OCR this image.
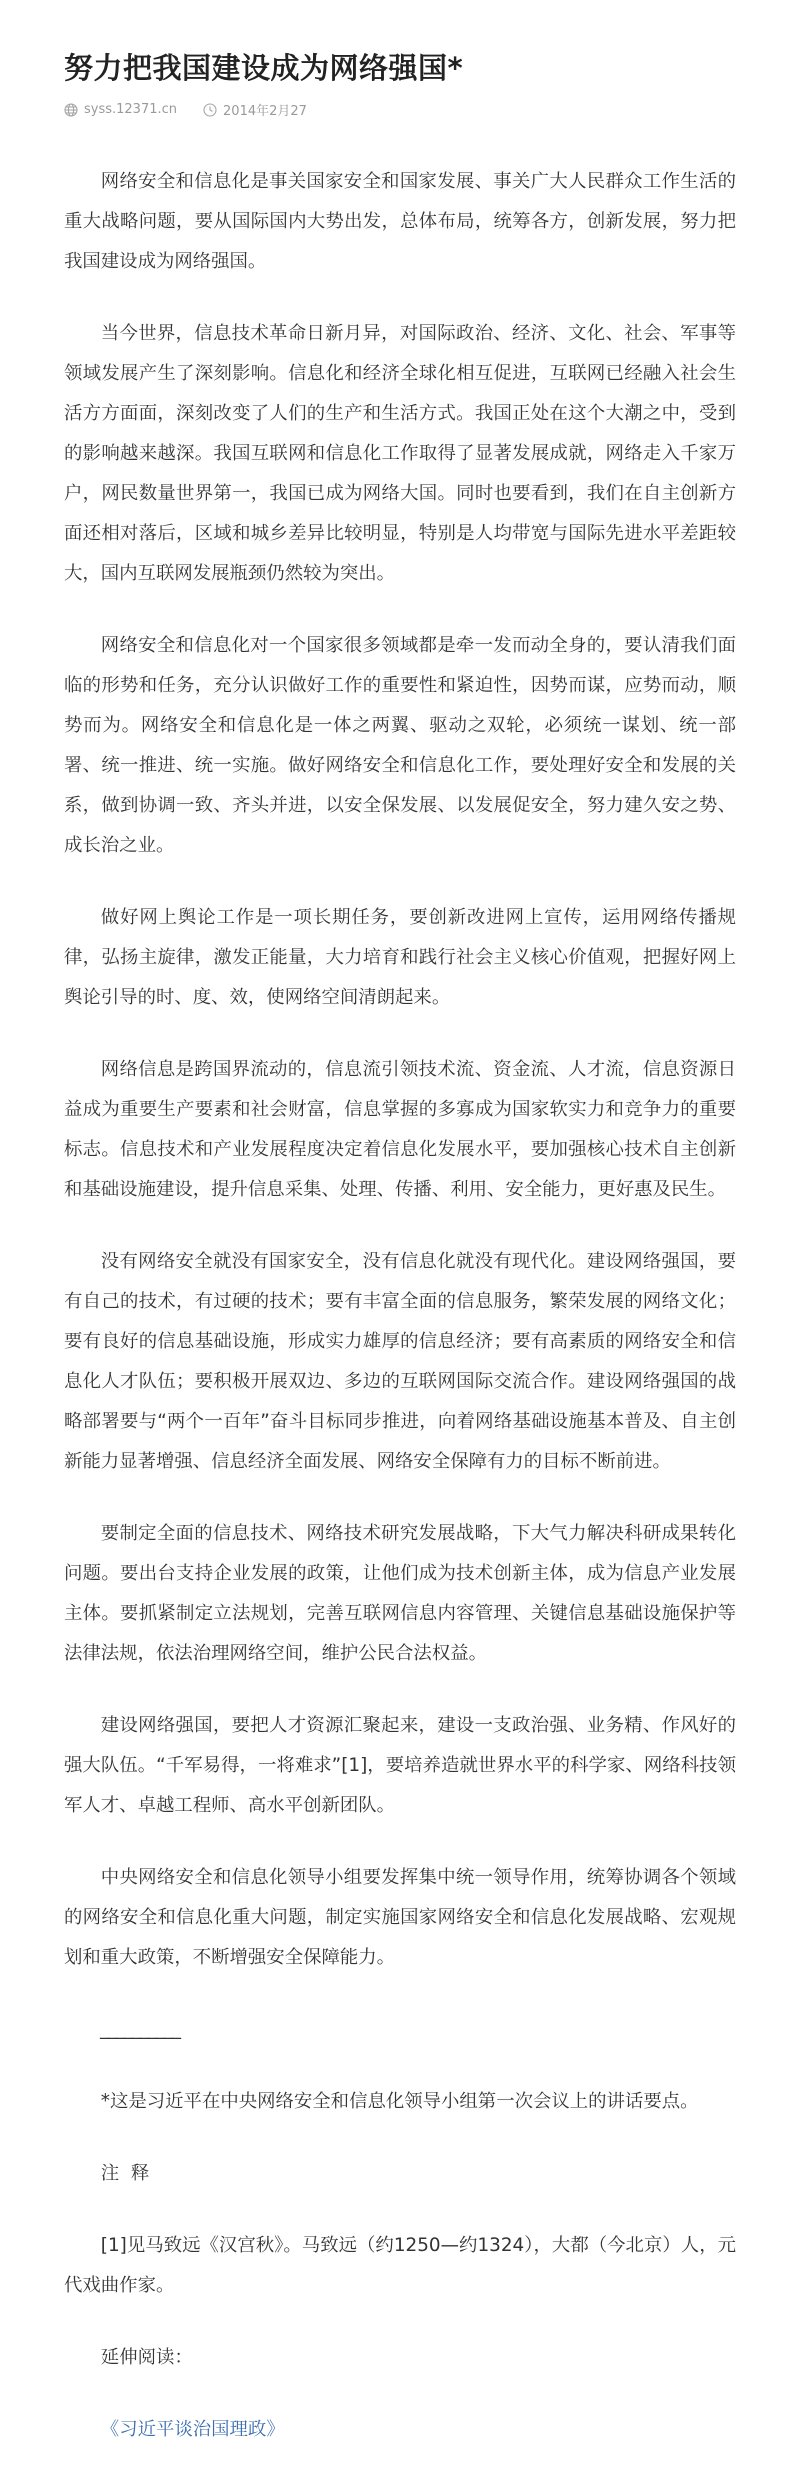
努力把我国建设成为网络强国*
syss.12371.cn	2014年2月27

网络安全和信息化是事关国家安全和国家发展、事关广大人民群众工作生活的重大战略问题，要从国际国内大势出发，总体布局，统筹各方，创新发展，努力把我国建设成为网络强国。

当今世界，信息技术革命日新月异，对国际政治、经济、文化、社会、军事等领域发展产生了深刻影响。信息化和经济全球化相互促进，互联网已经融入社会生活方方面面，深刻改变了人们的生产和生活方式。我国正处在这个大潮之中，受到的影响越来越深。我国互联网和信息化工作取得了显著发展成就，网络走入千家万户，网民数量世界第一，我国已成为网络大国。同时也要看到，我们在自主创新方面还相对落后，区域和城乡差异比较明显，特别是人均带宽与国际先进水平差距较大，国内互联网发展瓶颈仍然较为突出。

网络安全和信息化对一个国家很多领域都是牵一发而动全身的，要认清我们面临的形势和任务，充分认识做好工作的重要性和紧迫性，因势而谋，应势而动，顺势而为。网络安全和信息化是一体之两翼、驱动之双轮，必须统一谋划、统一部署、统一推进、统一实施。做好网络安全和信息化工作，要处理好安全和发展的关系，做到协调一致、齐头并进，以安全保发展、以发展促安全，努力建久安之势、成长治之业。

做好网上舆论工作是一项长期任务，要创新改进网上宣传，运用网络传播规律，弘扬主旋律，激发正能量，大力培育和践行社会主义核心价值观，把握好网上舆论引导的时、度、效，使网络空间清朗起来。

网络信息是跨国界流动的，信息流引领技术流、资金流、人才流，信息资源日益成为重要生产要素和社会财富，信息掌握的多寡成为国家软实力和竞争力的重要标志。信息技术和产业发展程度决定着信息化发展水平，要加强核心技术自主创新和基础设施建设，提升信息采集、处理、传播、利用、安全能力，更好惠及民生。

没有网络安全就没有国家安全，没有信息化就没有现代化。建设网络强国，要有自己的技术，有过硬的技术；要有丰富全面的信息服务，繁荣发展的网络文化；要有良好的信息基础设施，形成实力雄厚的信息经济；要有高素质的网络安全和信息化人才队伍；要积极开展双边、多边的互联网国际交流合作。建设网络强国的战略部署要与“两个一百年”奋斗目标同步推进，向着网络基础设施基本普及、自主创新能力显著增强、信息经济全面发展、网络安全保障有力的目标不断前进。

要制定全面的信息技术、网络技术研究发展战略，下大气力解决科研成果转化问题。要出台支持企业发展的政策，让他们成为技术创新主体，成为信息产业发展主体。要抓紧制定立法规划，完善互联网信息内容管理、关键信息基础设施保护等法律法规，依法治理网络空间，维护公民合法权益。

建设网络强国，要把人才资源汇聚起来，建设一支政治强、业务精、作风好的强大队伍。“千军易得，一将难求”[1]，要培养造就世界水平的科学家、网络科技领军人才、卓越工程师、高水平创新团队。

中央网络安全和信息化领导小组要发挥集中统一领导作用，统筹协调各个领域的网络安全和信息化重大问题，制定实施国家网络安全和信息化发展战略、宏观规划和重大政策，不断增强安全保障能力。

__________

*这是习近平在中央网络安全和信息化领导小组第一次会议上的讲话要点。

注  释

[1]见马致远《汉宫秋》。马致远（约1250—约1324），大都（今北京）人，元代戏曲作家。

延伸阅读：

《习近平谈治国理政》
